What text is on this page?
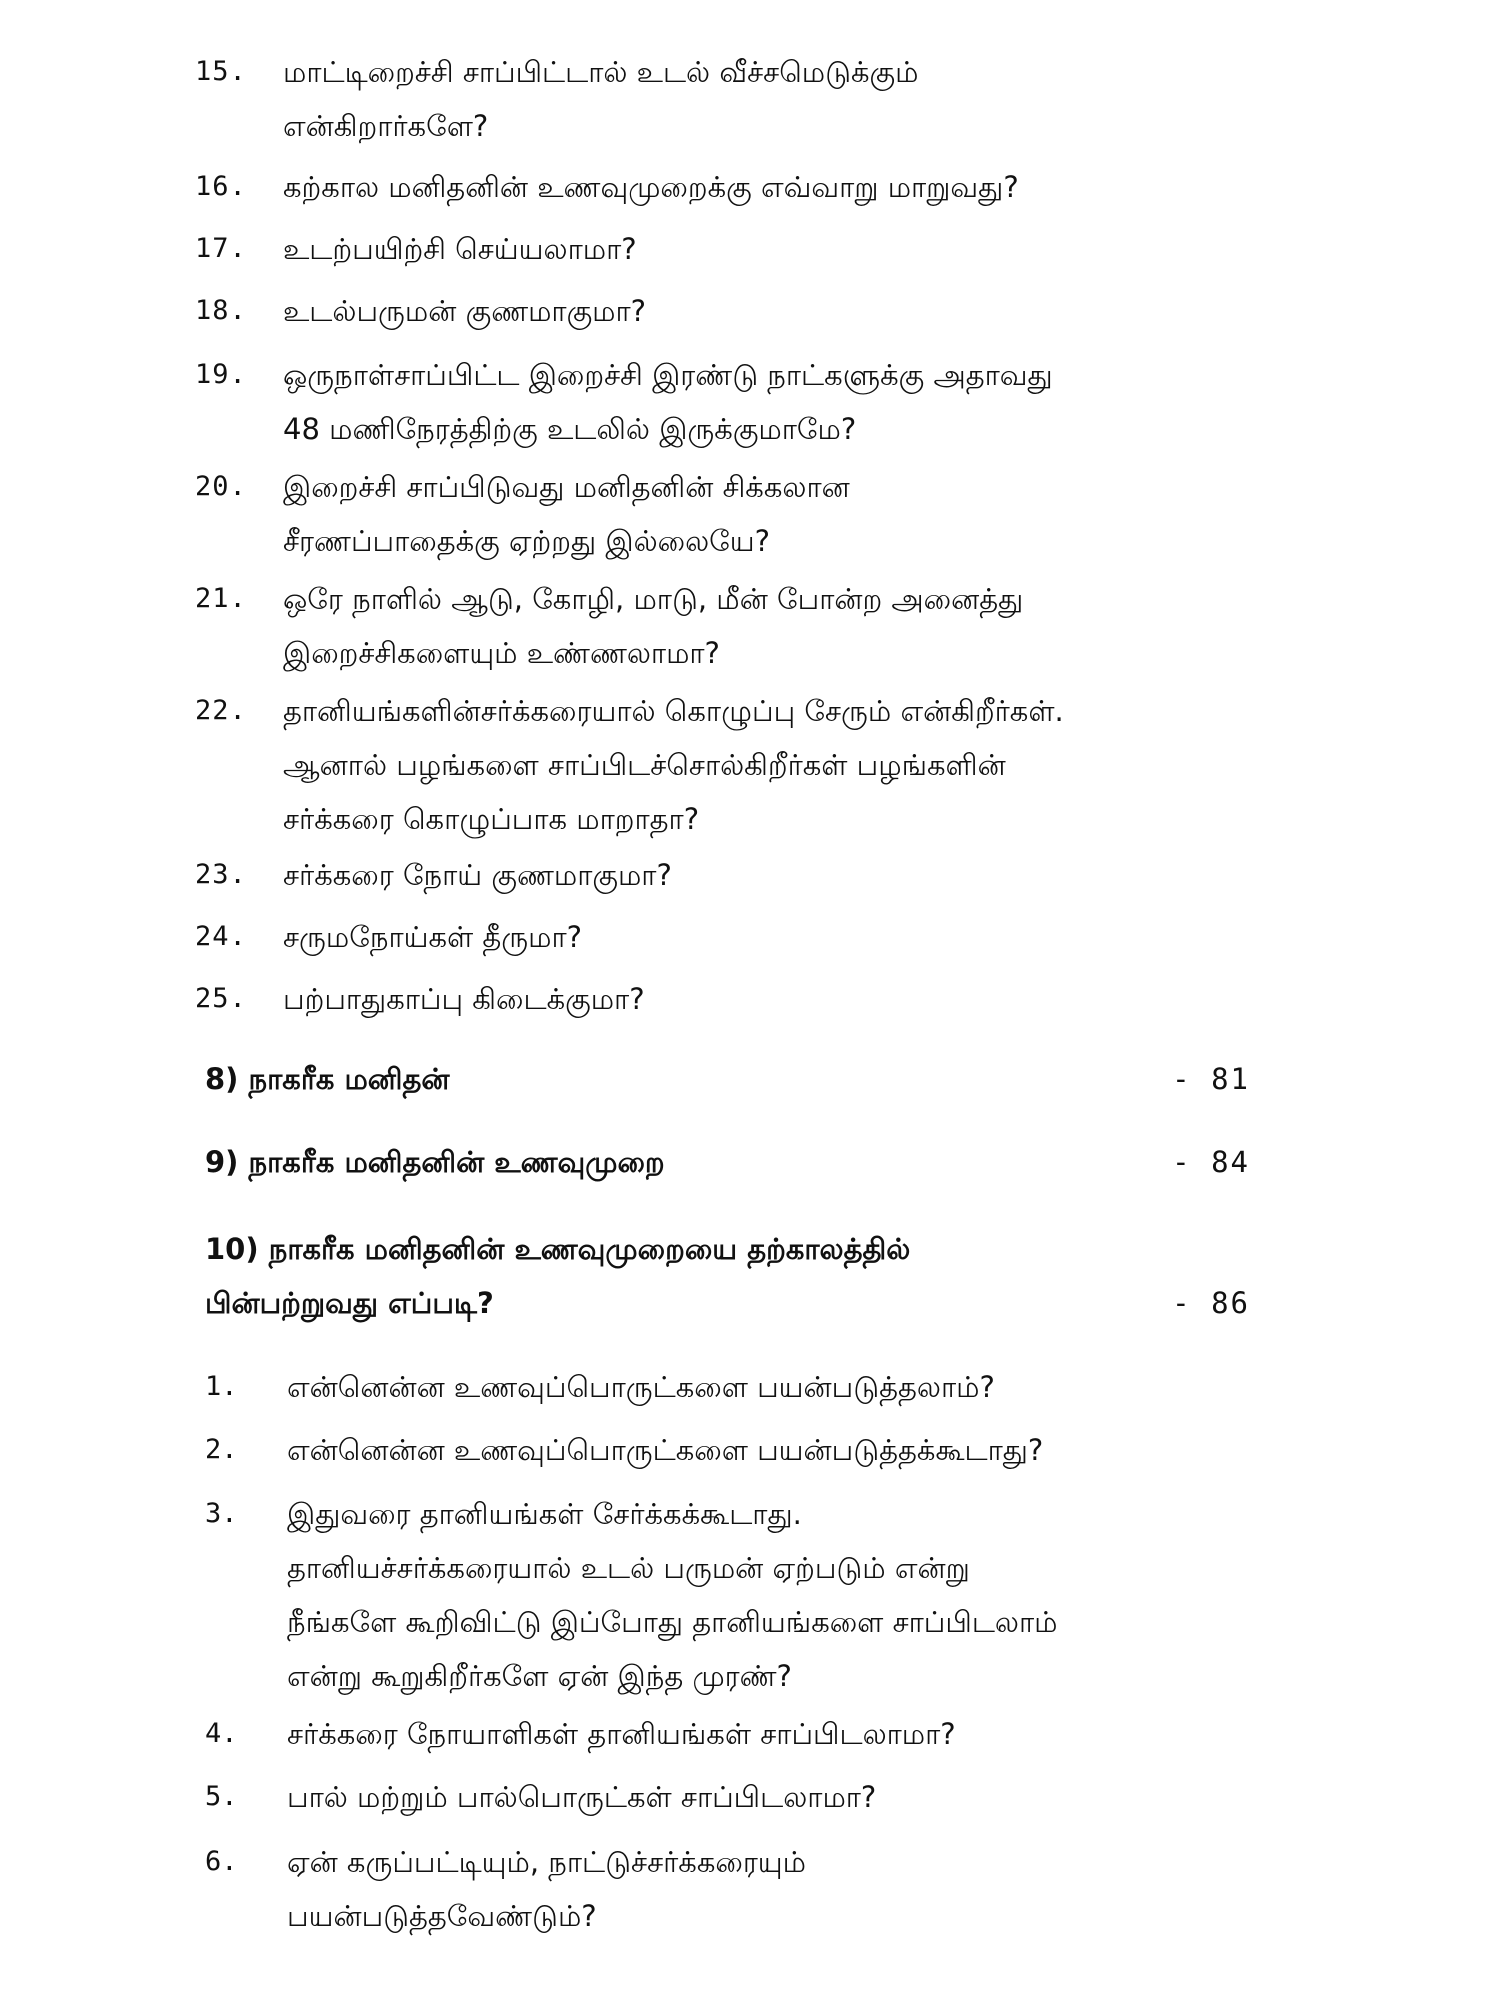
15.	மாட்டிறைச்சி சாப்பிட்டால் உடல் வீச்சமெடுக்கும்
என்கிறார்களே?
16.	கற்கால மனிதனின் உணவுமுறைக்கு எவ்வாறு மாறுவது?
17.	உடற்பயிற்சி செய்யலாமா?
18.	உடல்பருமன் குணமாகுமா?
19.	ஒருநாள்சாப்பிட்ட இறைச்சி இரண்டு நாட்களுக்கு அதாவது
48 மணிநேரத்திற்கு உடலில் இருக்குமாமே?
20.	இறைச்சி சாப்பிடுவது மனிதனின் சிக்கலான
சீரணப்பாதைக்கு ஏற்றது இல்லையே?
21.	ஒரே நாளில் ஆடு, கோழி, மாடு, மீன் போன்ற அனைத்து
இறைச்சிகளையும் உண்ணலாமா?
22.	தானியங்களின்சர்க்கரையால் கொழுப்பு சேரும் என்கிறீர்கள்.
ஆனால் பழங்களை சாப்பிடச்சொல்கிறீர்கள் பழங்களின்
சர்க்கரை கொழுப்பாக மாறாதா?
23.	சர்க்கரை நோய் குணமாகுமா?
24.	சருமநோய்கள் தீருமா?
25.	பற்பாதுகாப்பு கிடைக்குமா?
8) நாகரீக மனிதன்	- 81
9) நாகரீக மனிதனின் உணவுமுறை	- 84
10) நாகரீக மனிதனின் உணவுமுறையை தற்காலத்தில்
பின்பற்றுவது எப்படி?	- 86
1.	என்னென்ன உணவுப்பொருட்களை பயன்படுத்தலாம்?
2.	என்னென்ன உணவுப்பொருட்களை பயன்படுத்தக்கூடாது?
3.	இதுவரை தானியங்கள் சேர்க்கக்கூடாது.
தானியச்சர்க்கரையால் உடல் பருமன் ஏற்படும் என்று
நீங்களே கூறிவிட்டு இப்போது தானியங்களை சாப்பிடலாம்
என்று கூறுகிறீர்களே ஏன் இந்த முரண்?
4.	சர்க்கரை நோயாளிகள் தானியங்கள் சாப்பிடலாமா?
5.	பால் மற்றும் பால்பொருட்கள் சாப்பிடலாமா?
6.	ஏன் கருப்பட்டியும், நாட்டுச்சர்க்கரையும்
பயன்படுத்தவேண்டும்?
